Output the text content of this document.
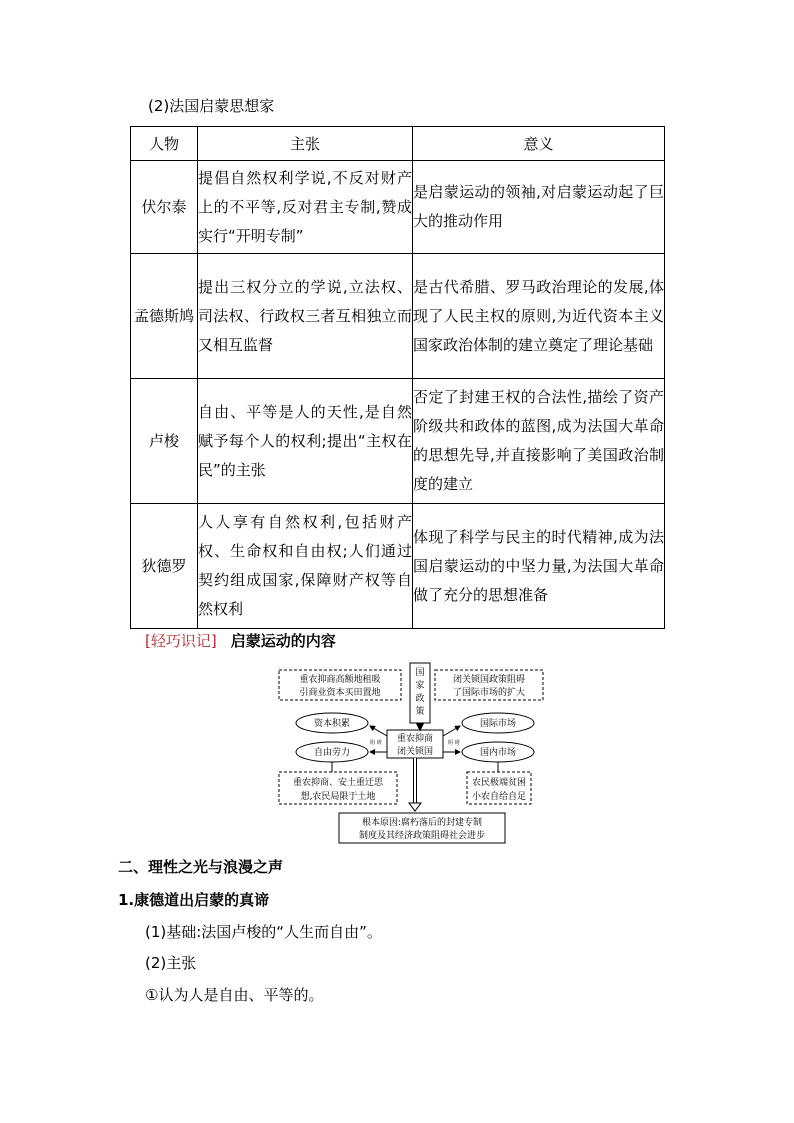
(2)法国启蒙思想家
人物	主张	意义
伏尔泰	提倡自然权利学说,不反对财产上的不平等,反对君主专制,赞成实行“开明专制”	是启蒙运动的领袖,对启蒙运动起了巨大的推动作用
孟德斯鸠	提出三权分立的学说,立法权、司法权、行政权三者互相独立而又相互监督	是古代希腊、罗马政治理论的发展,体现了人民主权的原则,为近代资本主义国家政治体制的建立奠定了理论基础
卢梭	自由、平等是人的天性,是自然赋予每个人的权利;提出“主权在民”的主张	否定了封建王权的合法性,描绘了资产阶级共和政体的蓝图,成为法国大革命的思想先导,并直接影响了美国政治制度的建立
狄德罗	人人享有自然权利,包括财产权、生命权和自由权;人们通过契约组成国家,保障财产权等自然权利	体现了科学与民主的时代精神,成为法国启蒙运动的中坚力量,为法国大革命做了充分的思想准备
[轻巧识记] 启蒙运动的内容
重农抑商高额地租吸
引商业资本买田置地
国
家
政
策
闭关锁国政策阻碍
了国际市场的扩大
资本积累
自由劳力
重农抑商
闭关锁国
阻 碍
国际市场
国内市场
阻 碍
重农抑商、安土重迁思
想,农民局限于土地
农民极端贫困
小农自给自足
根本原因:腐朽落后的封建专制
制度及其经济政策阻碍社会进步
二、理性之光与浪漫之声
1.康德道出启蒙的真谛
(1)基础:法国卢梭的“人生而自由”。
(2)主张
①认为人是自由、平等的。
